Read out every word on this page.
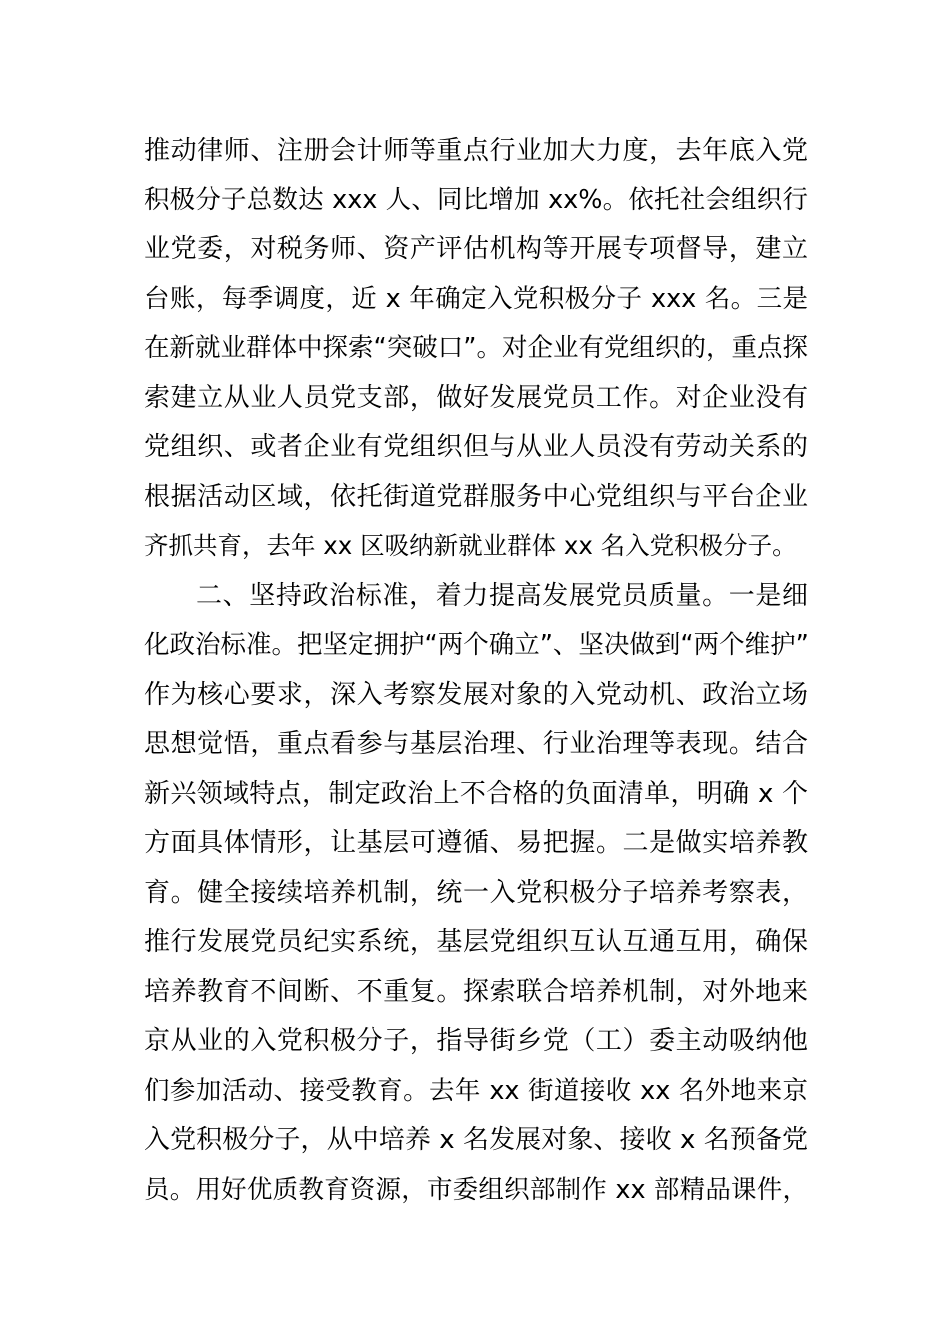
推动律师、注册会计师等重点行业加大力度，去年底入党
积极分子总数达 xxx 人、同比增加 xx%。依托社会组织行
业党委，对税务师、资产评估机构等开展专项督导，建立
台账，每季调度，近 x 年确定入党积极分子 xxx 名。三是
在新就业群体中探索“突破口”。对企业有党组织的，重点探
索建立从业人员党支部，做好发展党员工作。对企业没有
党组织、或者企业有党组织但与从业人员没有劳动关系的
根据活动区域，依托街道党群服务中心党组织与平台企业
齐抓共育，去年 xx 区吸纳新就业群体 xx 名入党积极分子。
二、坚持政治标准，着力提高发展党员质量。一是细
化政治标准。把坚定拥护“两个确立”、坚决做到“两个维护”
作为核心要求，深入考察发展对象的入党动机、政治立场
思想觉悟，重点看参与基层治理、行业治理等表现。结合
新兴领域特点，制定政治上不合格的负面清单，明确 x 个
方面具体情形，让基层可遵循、易把握。二是做实培养教
育。健全接续培养机制，统一入党积极分子培养考察表，
推行发展党员纪实系统，基层党组织互认互通互用，确保
培养教育不间断、不重复。探索联合培养机制，对外地来
京从业的入党积极分子，指导街乡党（工）委主动吸纳他
们参加活动、接受教育。去年 xx 街道接收 xx 名外地来京
入党积极分子，从中培养 x 名发展对象、接收 x 名预备党
员。用好优质教育资源，市委组织部制作 xx 部精品课件，
